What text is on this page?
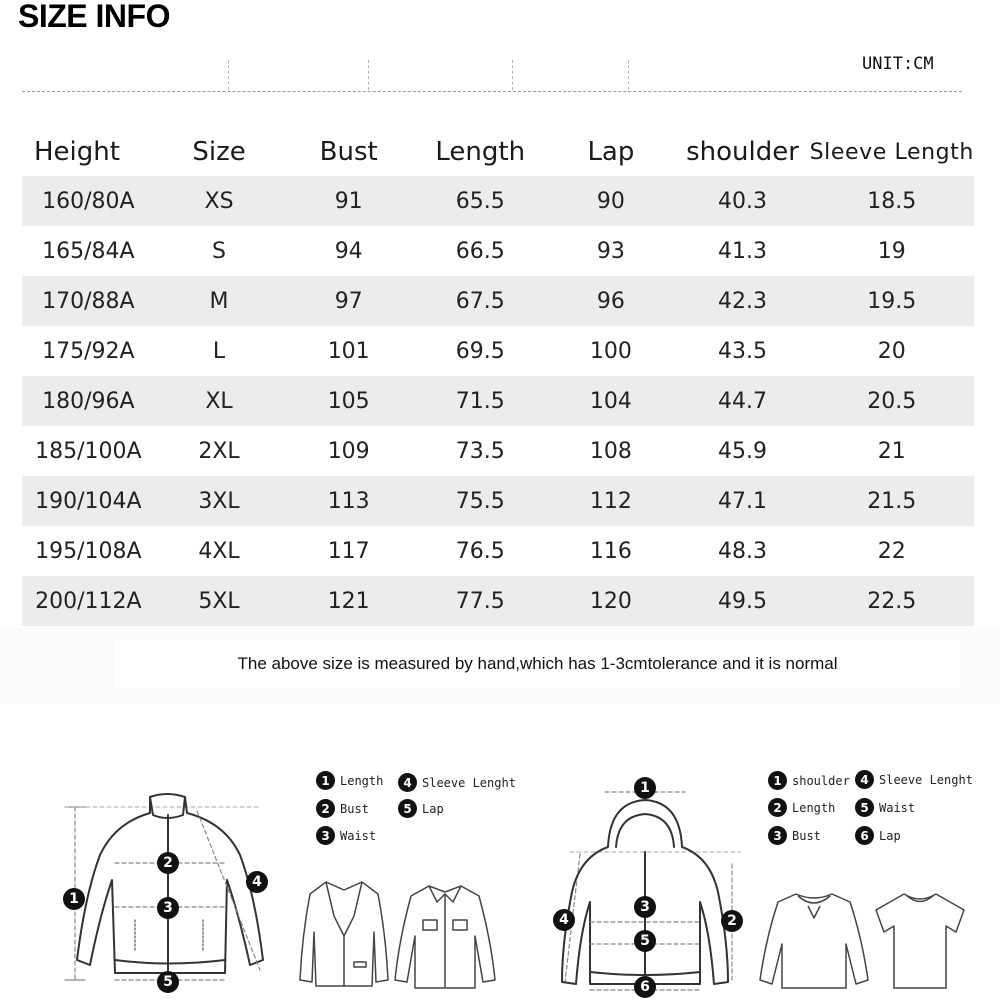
SIZE INFO
UNIT:CM
Height	Size	Bust	Length	Lap	shoulder	Sleeve Length
160/80A	XS	91	65.5	90	40.3	18.5
165/84A	S	94	66.5	93	41.3	19
170/88A	M	97	67.5	96	42.3	19.5
175/92A	L	101	69.5	100	43.5	20
180/96A	XL	105	71.5	104	44.7	20.5
185/100A	2XL	109	73.5	108	45.9	21
190/104A	3XL	113	75.5	112	47.1	21.5
195/108A	4XL	117	76.5	116	48.3	22
200/112A	5XL	121	77.5	120	49.5	22.5
The above size is measured by hand,which has 1-3cmtolerance and it is normal
1
2
3
4
5
1 Length
2 Bust
3 Waist
4 Sleeve Lenght
5 Lap
1
2
3
4
5
6
1 shoulder
2 Length
3 Bust
4 Sleeve Lenght
5 Waist
6 Lap
